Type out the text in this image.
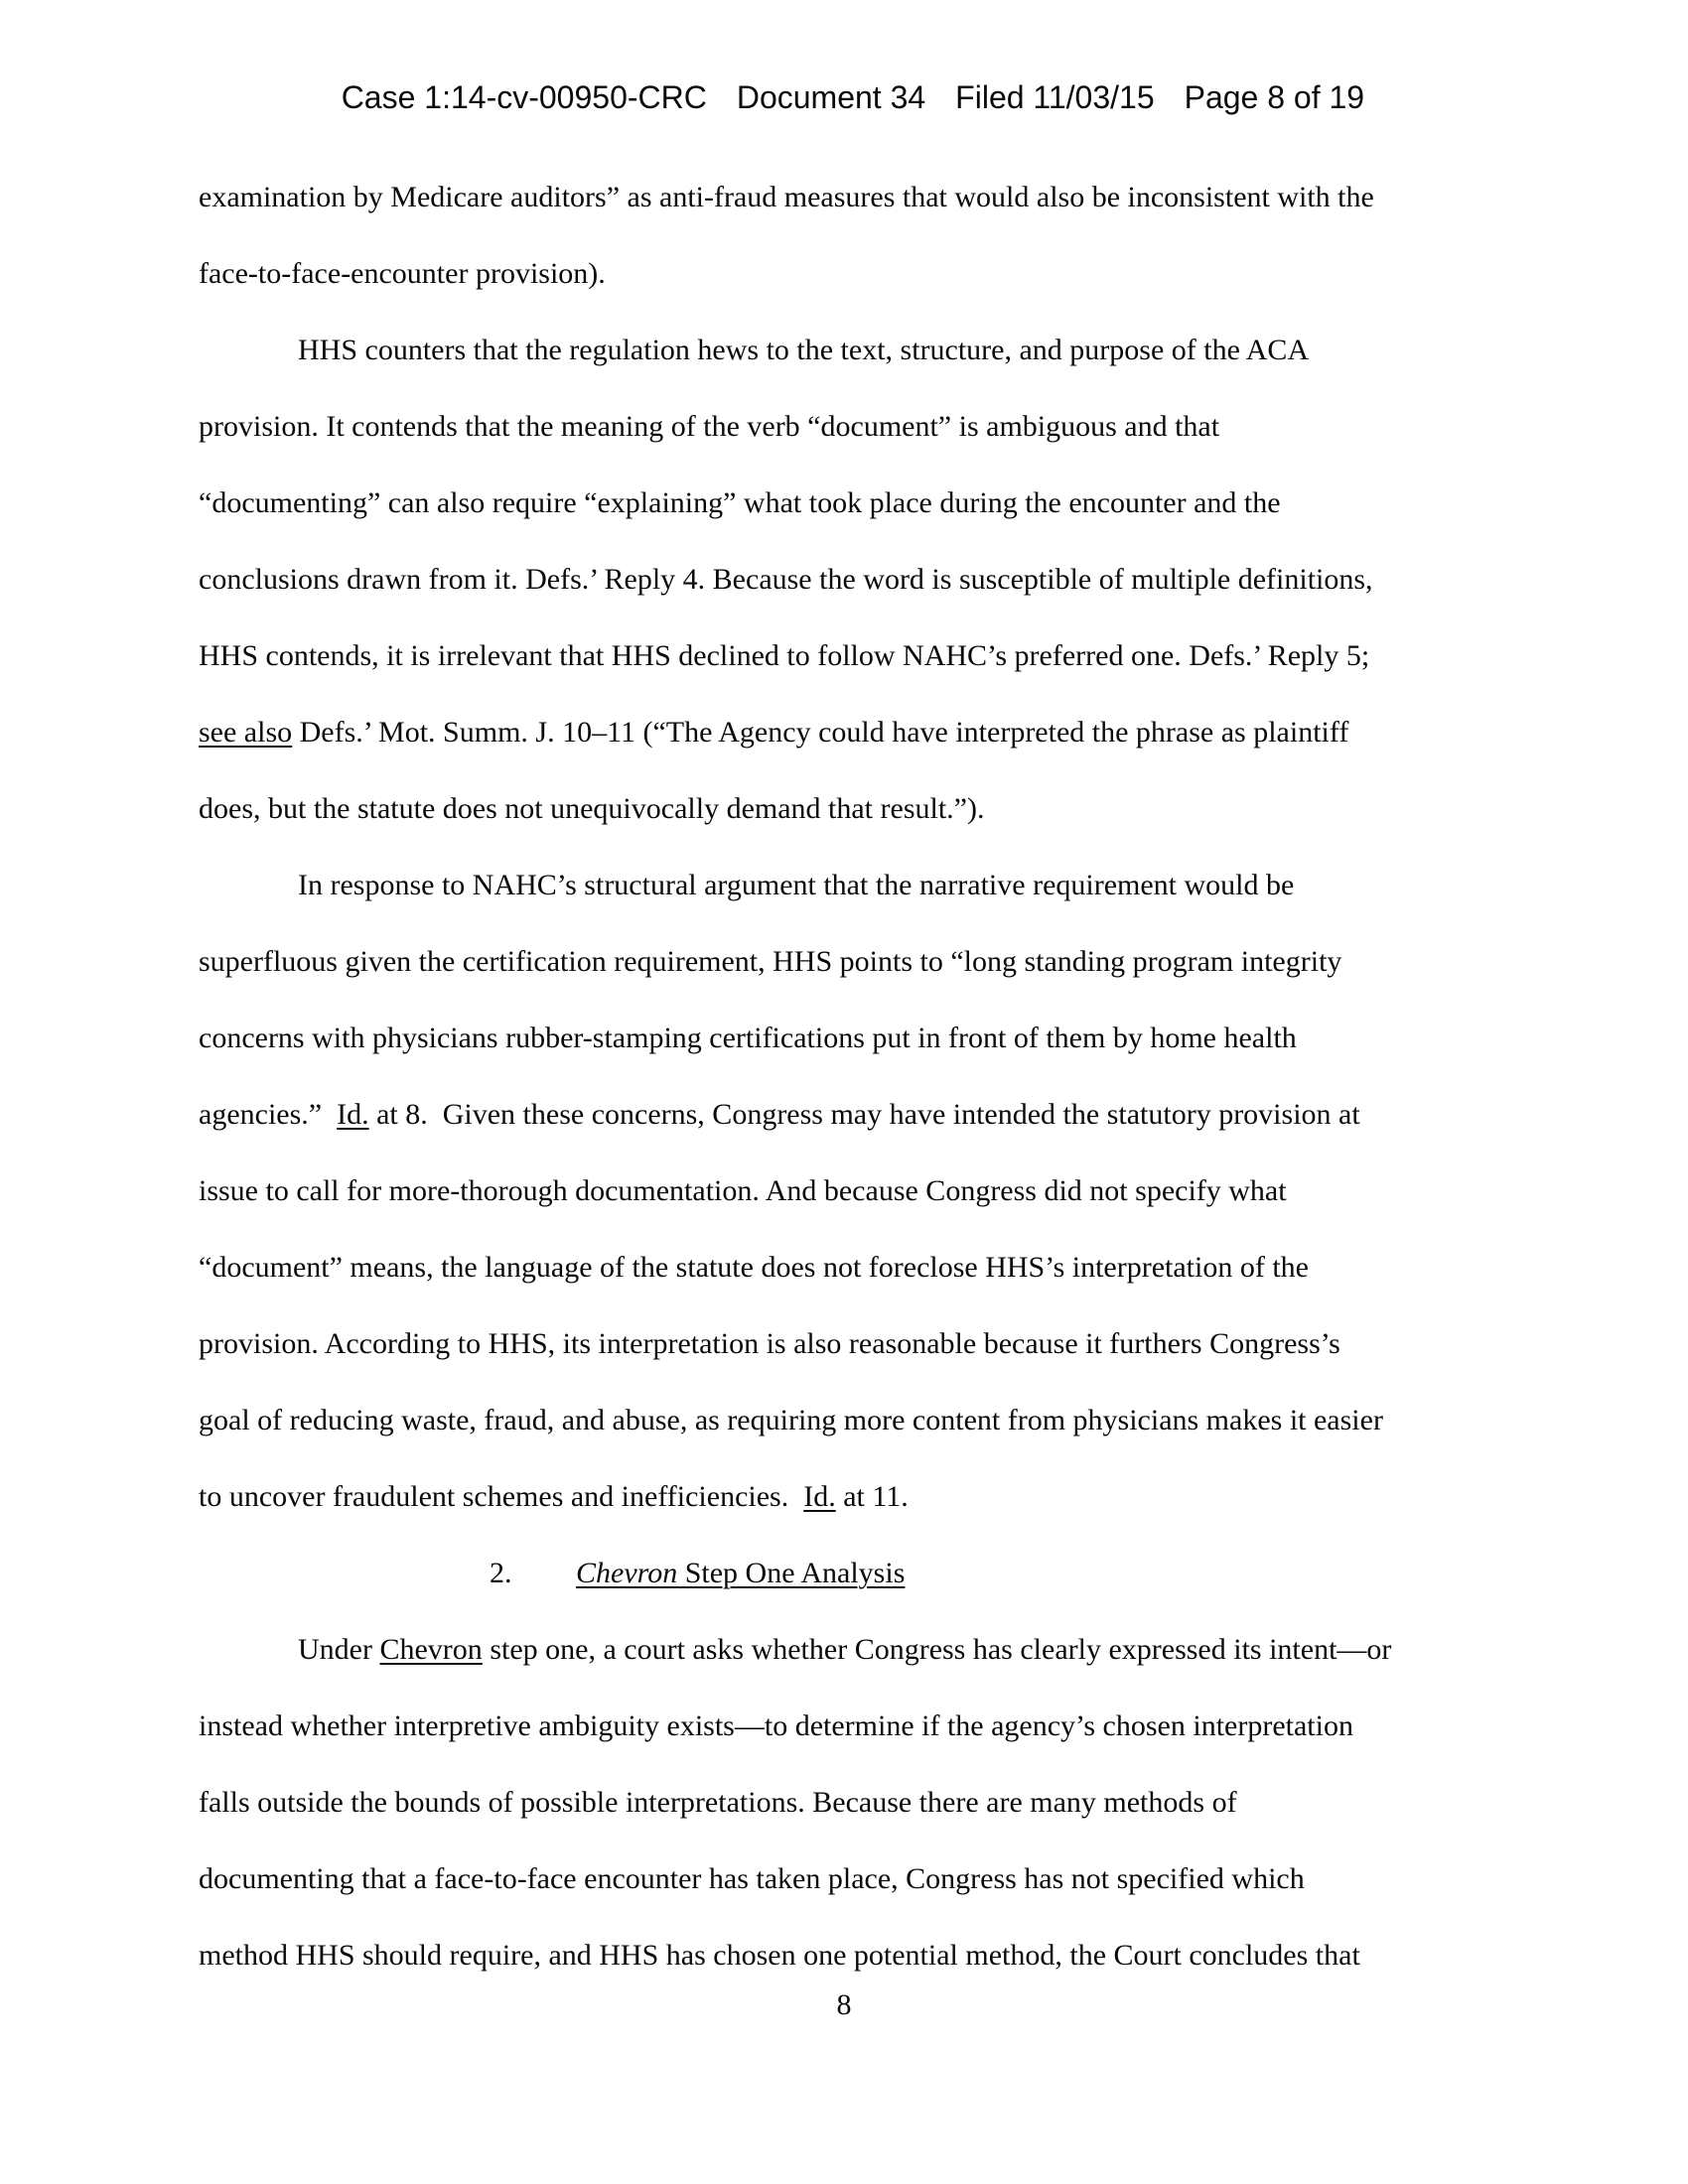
Case 1:14-cv-00950-CRC Document 34 Filed 11/03/15 Page 8 of 19

examination by Medicare auditors” as anti-fraud measures that would also be inconsistent with the
face-to-face-encounter provision).
HHS counters that the regulation hews to the text, structure, and purpose of the ACA
provision. It contends that the meaning of the verb “document” is ambiguous and that
“documenting” can also require “explaining” what took place during the encounter and the
conclusions drawn from it. Defs.’ Reply 4. Because the word is susceptible of multiple definitions,
HHS contends, it is irrelevant that HHS declined to follow NAHC’s preferred one. Defs.’ Reply 5;
see also Defs.’ Mot. Summ. J. 10–11 (“The Agency could have interpreted the phrase as plaintiff
does, but the statute does not unequivocally demand that result.”).
In response to NAHC’s structural argument that the narrative requirement would be
superfluous given the certification requirement, HHS points to “long standing program integrity
concerns with physicians rubber-stamping certifications put in front of them by home health
agencies.”  Id. at 8.  Given these concerns, Congress may have intended the statutory provision at
issue to call for more-thorough documentation. And because Congress did not specify what
“document” means, the language of the statute does not foreclose HHS’s interpretation of the
provision. According to HHS, its interpretation is also reasonable because it furthers Congress’s
goal of reducing waste, fraud, and abuse, as requiring more content from physicians makes it easier
to uncover fraudulent schemes and inefficiencies.  Id. at 11.
2. Chevron Step One Analysis
Under Chevron step one, a court asks whether Congress has clearly expressed its intent—or
instead whether interpretive ambiguity exists—to determine if the agency’s chosen interpretation
falls outside the bounds of possible interpretations. Because there are many methods of
documenting that a face-to-face encounter has taken place, Congress has not specified which
method HHS should require, and HHS has chosen one potential method, the Court concludes that
8
